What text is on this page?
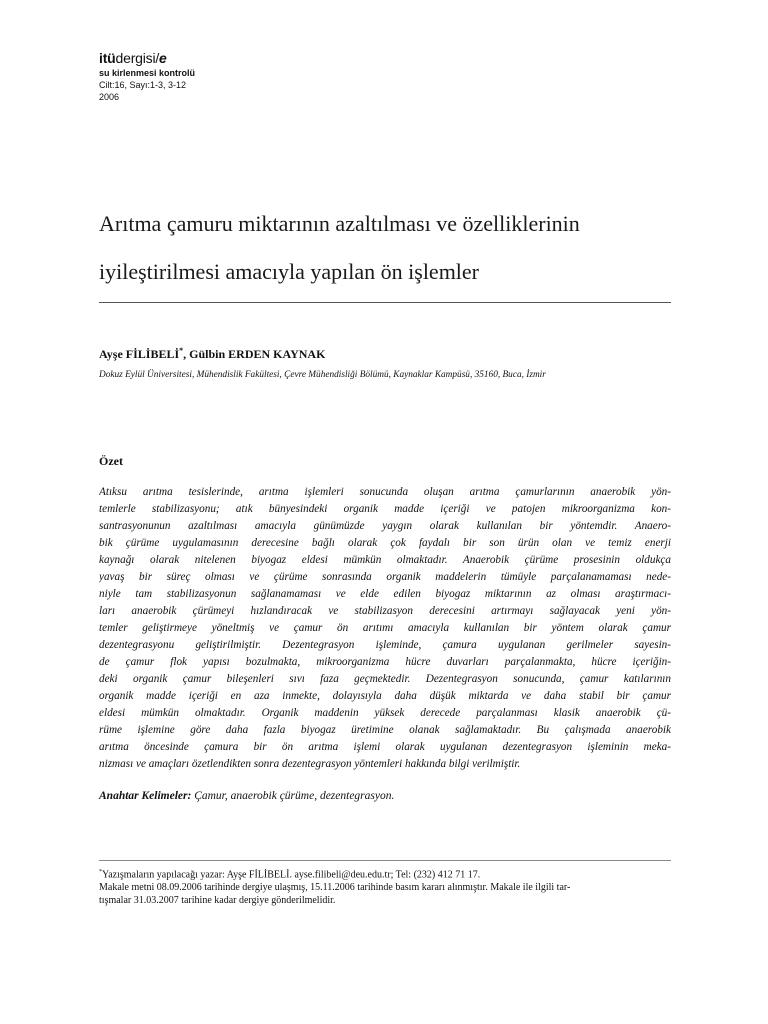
itüdergisi/e
su kirlenmesi kontrolü
Cilt:16, Sayı:1-3, 3-12
2006
Arıtma çamuru miktarının azaltılması ve özelliklerinin
iyileştirilmesi amacıyla yapılan ön işlemler
Ayşe FİLİBELİ*, Gülbin ERDEN KAYNAK
Dokuz Eylül Üniversitesi, Mühendislik Fakültesi, Çevre Mühendisliği Bölümü, Kaynaklar Kampüsü, 35160, Buca, İzmir
Özet
Atıksu arıtma tesislerinde, arıtma işlemleri sonucunda oluşan arıtma çamurlarının anaerobik yön-
temlerle stabilizasyonu; atık bünyesindeki organik madde içeriği ve patojen mikroorganizma kon-
santrasyonunun azaltılması amacıyla günümüzde yaygın olarak kullanılan bir yöntemdir. Anaero-
bik çürüme uygulamasının derecesine bağlı olarak çok faydalı bir son ürün olan ve temiz enerji
kaynağı olarak nitelenen biyogaz eldesi mümkün olmaktadır. Anaerobik çürüme prosesinin oldukça
yavaş bir süreç olması ve çürüme sonrasında organik maddelerin tümüyle parçalanamaması nede-
niyle tam stabilizasyonun sağlanamaması ve elde edilen biyogaz miktarının az olması araştırmacı-
ları anaerobik çürümeyi hızlandıracak ve stabilizasyon derecesini artırmayı sağlayacak yeni yön-
temler geliştirmeye yöneltmiş ve çamur ön arıtımı amacıyla kullanılan bir yöntem olarak çamur
dezentegrasyonu geliştirilmiştir. Dezentegrasyon işleminde, çamura uygulanan gerilmeler sayesin-
de çamur flok yapısı bozulmakta, mikroorganizma hücre duvarları parçalanmakta, hücre içeriğin-
deki organik çamur bileşenleri sıvı faza geçmektedir. Dezentegrasyon sonucunda, çamur katılarının
organik madde içeriği en aza inmekte, dolayısıyla daha düşük miktarda ve daha stabil bir çamur
eldesi mümkün olmaktadır. Organik maddenin yüksek derecede parçalanması klasik anaerobik çü-
rüme işlemine göre daha fazla biyogaz üretimine olanak sağlamaktadır. Bu çalışmada anaerobik
arıtma öncesinde çamura bir ön arıtma işlemi olarak uygulanan dezentegrasyon işleminin meka-
nizması ve amaçları özetlendikten sonra dezentegrasyon yöntemleri hakkında bilgi verilmiştir.
Anahtar Kelimeler: Çamur, anaerobik çürüme, dezentegrasyon.
*Yazışmaların yapılacağı yazar: Ayşe FİLİBELİ. ayse.filibeli@deu.edu.tr; Tel: (232) 412 71 17.
Makale metni 08.09.2006 tarihinde dergiye ulaşmış, 15.11.2006 tarihinde basım kararı alınmıştır. Makale ile ilgili tar-
tışmalar 31.03.2007 tarihine kadar dergiye gönderilmelidir.
